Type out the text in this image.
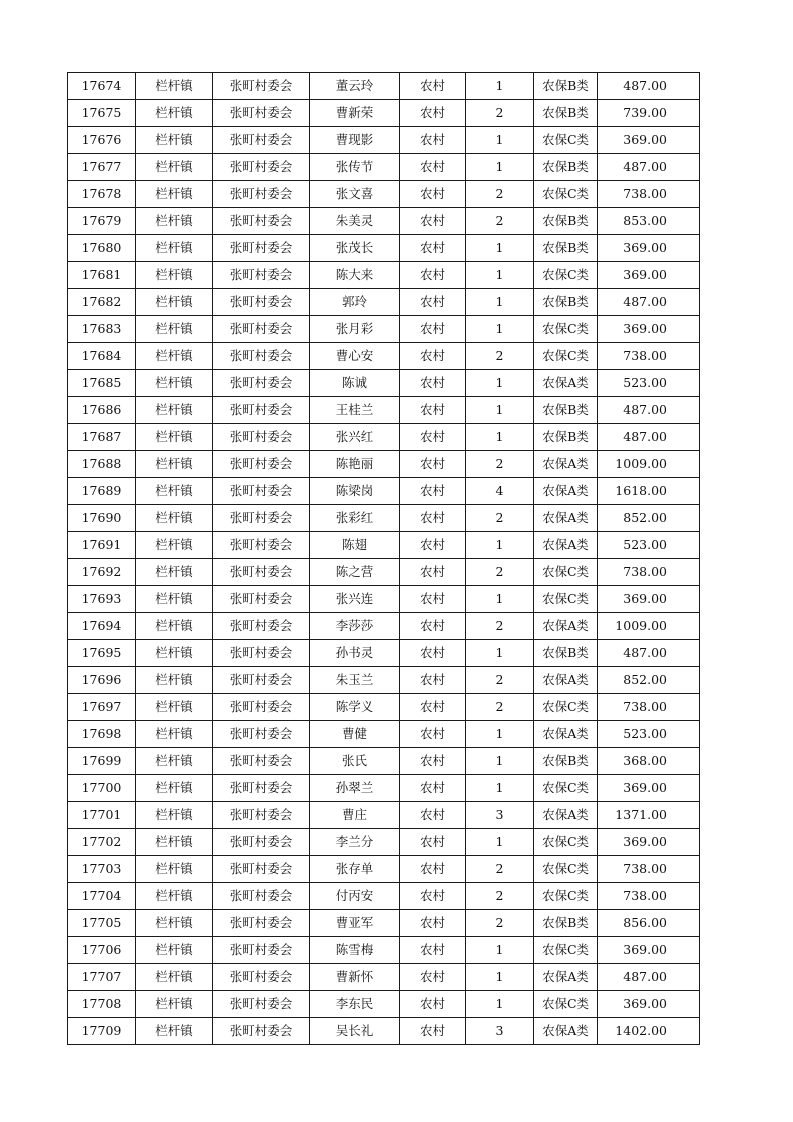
17674	栏杆镇	张町村委会	董云玲	农村	1	农保B类	487.00
17675	栏杆镇	张町村委会	曹新荣	农村	2	农保B类	739.00
17676	栏杆镇	张町村委会	曹现影	农村	1	农保C类	369.00
17677	栏杆镇	张町村委会	张传节	农村	1	农保B类	487.00
17678	栏杆镇	张町村委会	张文喜	农村	2	农保C类	738.00
17679	栏杆镇	张町村委会	朱美灵	农村	2	农保B类	853.00
17680	栏杆镇	张町村委会	张茂长	农村	1	农保B类	369.00
17681	栏杆镇	张町村委会	陈大来	农村	1	农保C类	369.00
17682	栏杆镇	张町村委会	郭玲	农村	1	农保B类	487.00
17683	栏杆镇	张町村委会	张月彩	农村	1	农保C类	369.00
17684	栏杆镇	张町村委会	曹心安	农村	2	农保C类	738.00
17685	栏杆镇	张町村委会	陈诚	农村	1	农保A类	523.00
17686	栏杆镇	张町村委会	王桂兰	农村	1	农保B类	487.00
17687	栏杆镇	张町村委会	张兴红	农村	1	农保B类	487.00
17688	栏杆镇	张町村委会	陈艳丽	农村	2	农保A类	1009.00
17689	栏杆镇	张町村委会	陈梁岗	农村	4	农保A类	1618.00
17690	栏杆镇	张町村委会	张彩红	农村	2	农保A类	852.00
17691	栏杆镇	张町村委会	陈翅	农村	1	农保A类	523.00
17692	栏杆镇	张町村委会	陈之营	农村	2	农保C类	738.00
17693	栏杆镇	张町村委会	张兴连	农村	1	农保C类	369.00
17694	栏杆镇	张町村委会	李莎莎	农村	2	农保A类	1009.00
17695	栏杆镇	张町村委会	孙书灵	农村	1	农保B类	487.00
17696	栏杆镇	张町村委会	朱玉兰	农村	2	农保A类	852.00
17697	栏杆镇	张町村委会	陈学义	农村	2	农保C类	738.00
17698	栏杆镇	张町村委会	曹健	农村	1	农保A类	523.00
17699	栏杆镇	张町村委会	张氏	农村	1	农保B类	368.00
17700	栏杆镇	张町村委会	孙翠兰	农村	1	农保C类	369.00
17701	栏杆镇	张町村委会	曹庄	农村	3	农保A类	1371.00
17702	栏杆镇	张町村委会	李兰分	农村	1	农保C类	369.00
17703	栏杆镇	张町村委会	张存单	农村	2	农保C类	738.00
17704	栏杆镇	张町村委会	付丙安	农村	2	农保C类	738.00
17705	栏杆镇	张町村委会	曹亚军	农村	2	农保B类	856.00
17706	栏杆镇	张町村委会	陈雪梅	农村	1	农保C类	369.00
17707	栏杆镇	张町村委会	曹新怀	农村	1	农保A类	487.00
17708	栏杆镇	张町村委会	李东民	农村	1	农保C类	369.00
17709	栏杆镇	张町村委会	吴长礼	农村	3	农保A类	1402.00
